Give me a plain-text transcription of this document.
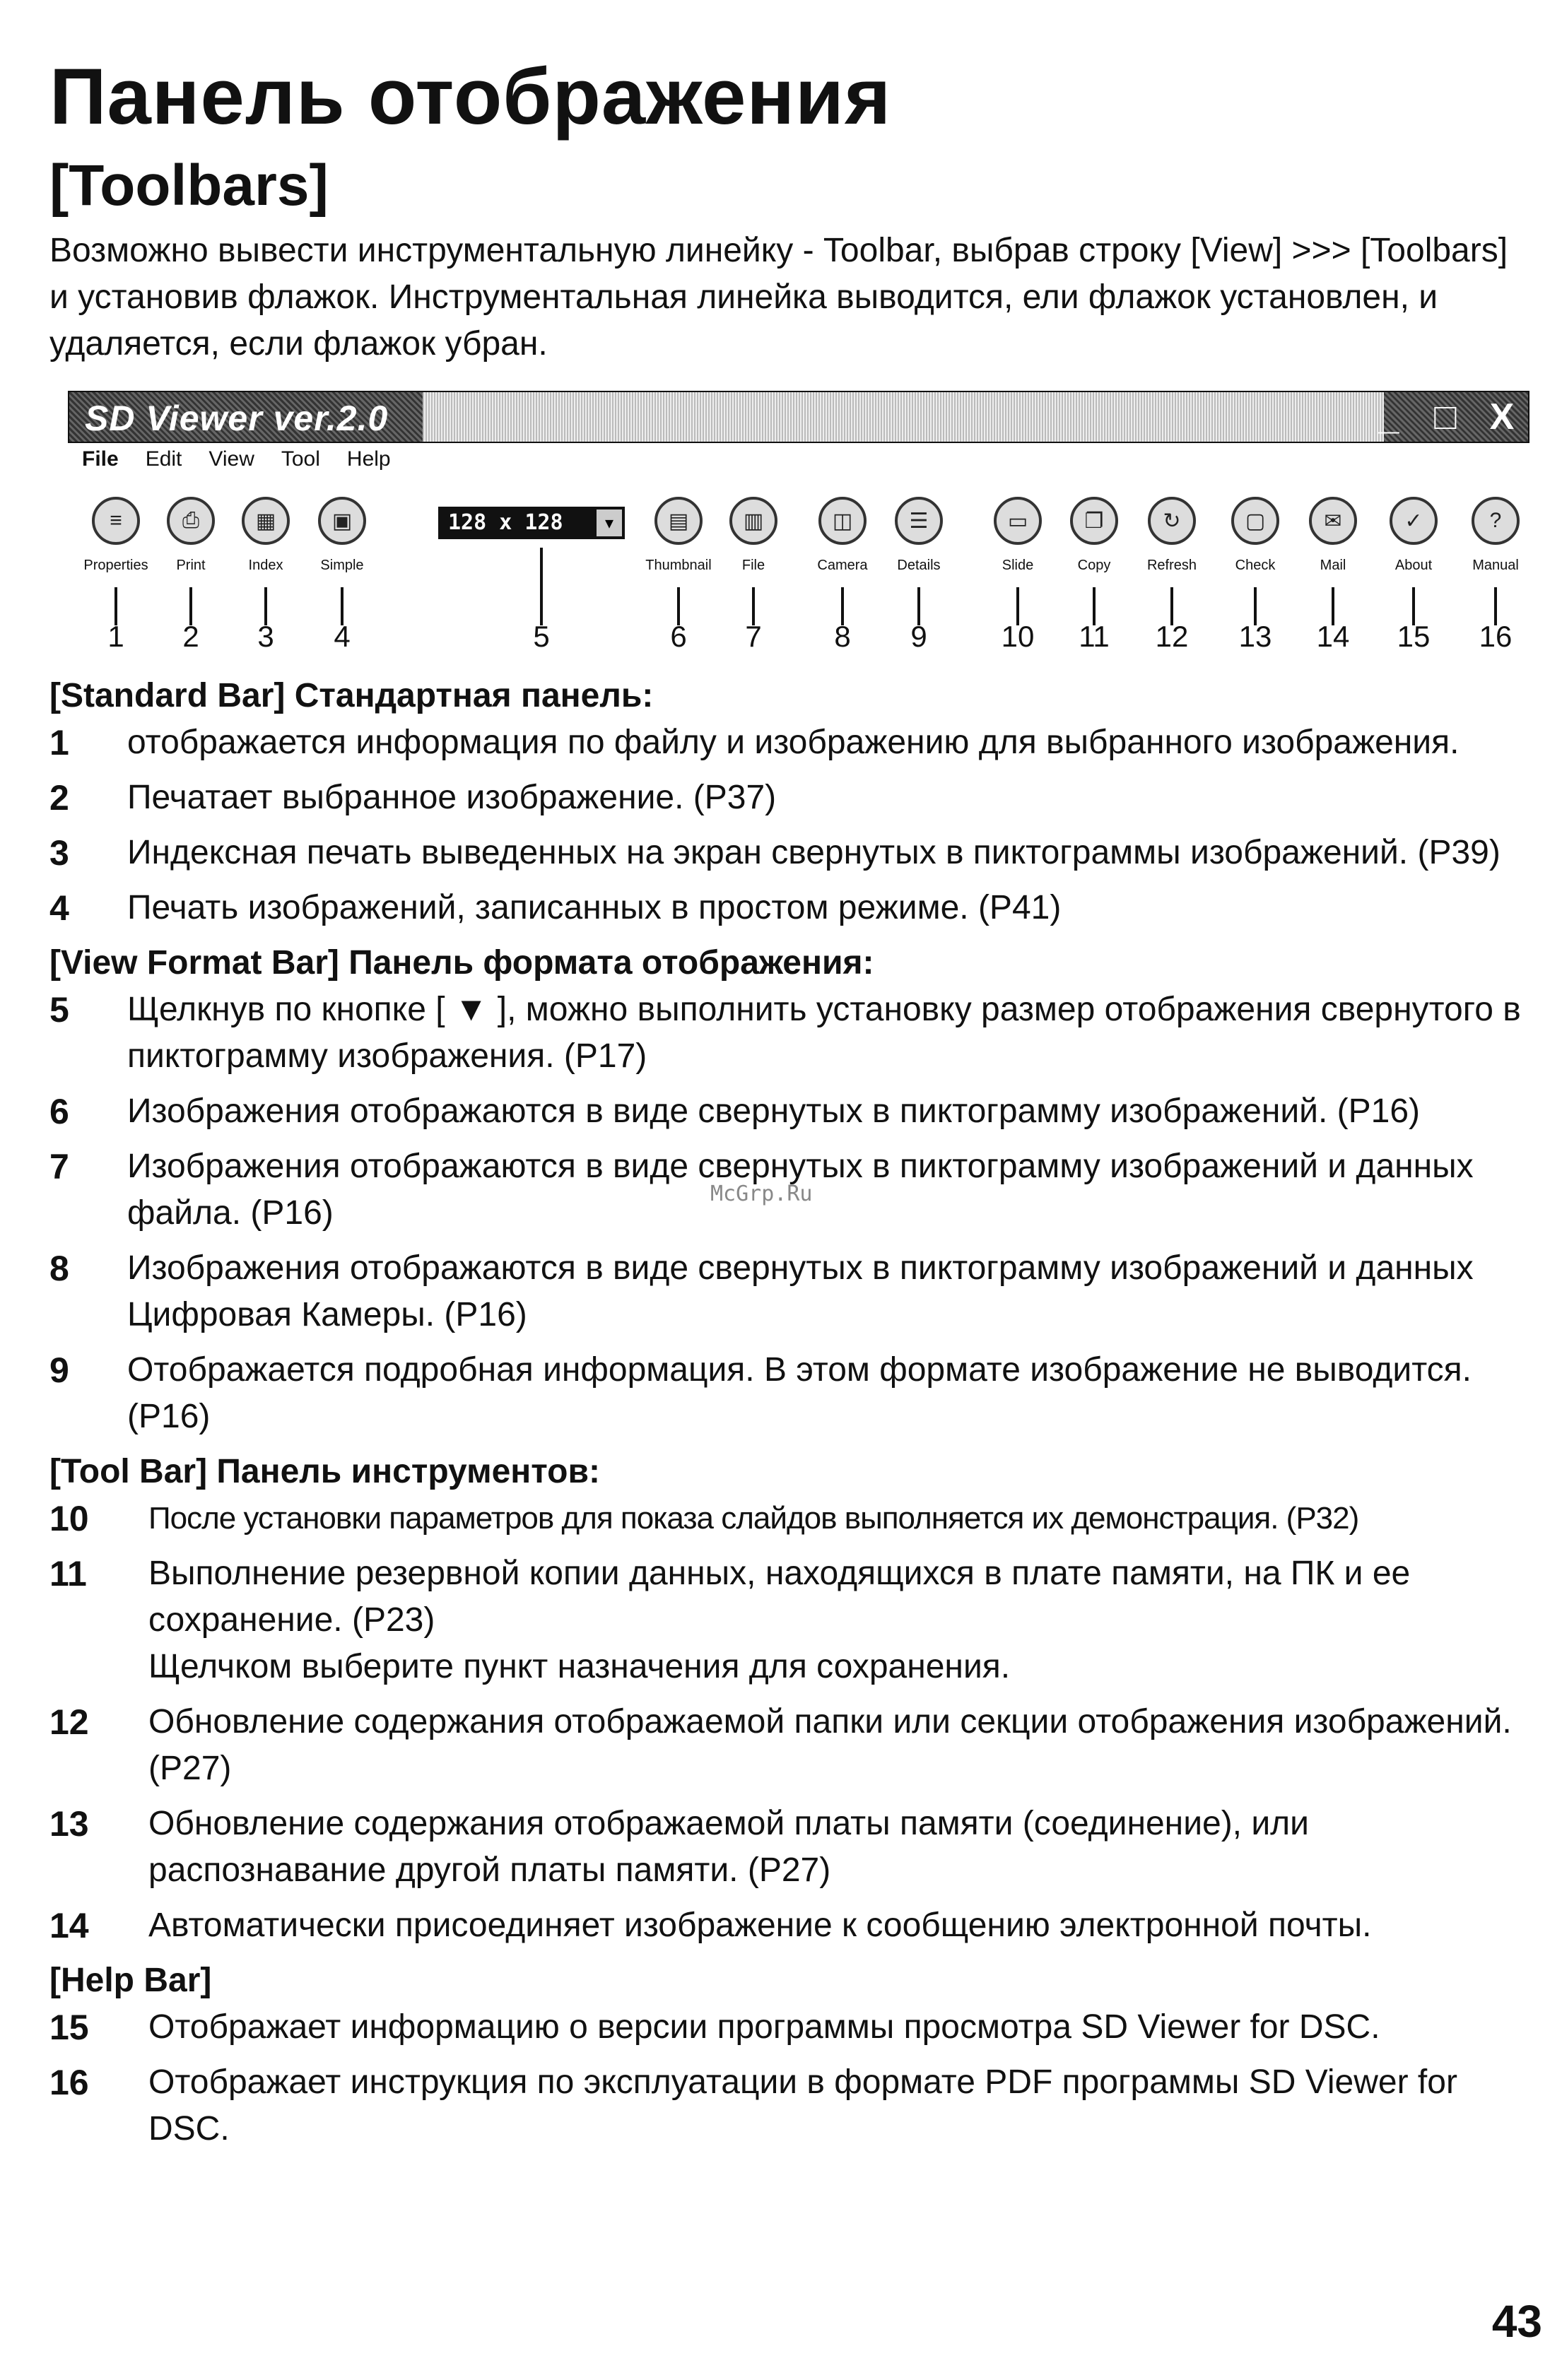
Панель отображения
[Toolbars]
Возможно вывести инструментальную линейку - Toolbar, выбрав строку [View] >>> [Toolbars] и установив флажок. Инструментальная линейка выводится, ели флажок установлен, и удаляется, если флажок убран.
SD Viewer ver.2.0	_ □ X
File Edit View Tool Help
128 x 128	▼
≡
Properties
1
⎙
Print
2
▦
Index
3
▣
Simple
4	5
▤
Thumbnail
6
▥
File
7
◫
Camera
8
☰
Details
9
▭
Slide
10
❐
Copy
11
↻
Refresh
12
▢
Check
13
✉
Mail
14
✓
About
15
?
Manual
16
McGrp.Ru
[Standard Bar] Стандартная панель:
1	отображается информация по файлу и изображению для выбранного изображения.
2	Печатает выбранное изображение. (P37)
3	Индексная печать выведенных на экран свернутых в пиктограммы изображений. (P39)
4	Печать изображений, записанных в простом режиме. (P41)
[View Format Bar] Панель формата отображения:
5	Щелкнув по кнопке [ ▼ ], можно выполнить установку размер отображения свернутого в пиктограмму изображения. (P17)
6	Изображения отображаются в виде свернутых в пиктограмму изображений. (P16)
7	Изображения отображаются в виде свернутых в пиктограмму изображений и данных файла. (P16)
8	Изображения отображаются в виде свернутых в пиктограмму изображений и данных Цифровая Камеры. (P16)
9	Отображается подробная информация. В этом формате изображение не выводится. (P16)
[Tool Bar] Панель инструментов:
10	После установки параметров для показа слайдов выполняется их демонстрация. (P32)
11	Выполнение резервной копии данных, находящихся в плате памяти, на ПК и ее сохранение. (P23)
Щелчком выберите пункт назначения для сохранения.
12	Обновление содержания отображаемой папки или секции отображения изображений. (P27)
13	Обновление содержания отображаемой платы памяти (соединение), или распознавание другой платы памяти. (P27)
14	Автоматически присоединяет изображение к сообщению электронной почты.
[Help Bar]
15	Отображает информацию о версии программы просмотра SD Viewer for DSC.
16	Отображает инструкция по эксплуатации в формате PDF программы SD Viewer for DSC.
43
